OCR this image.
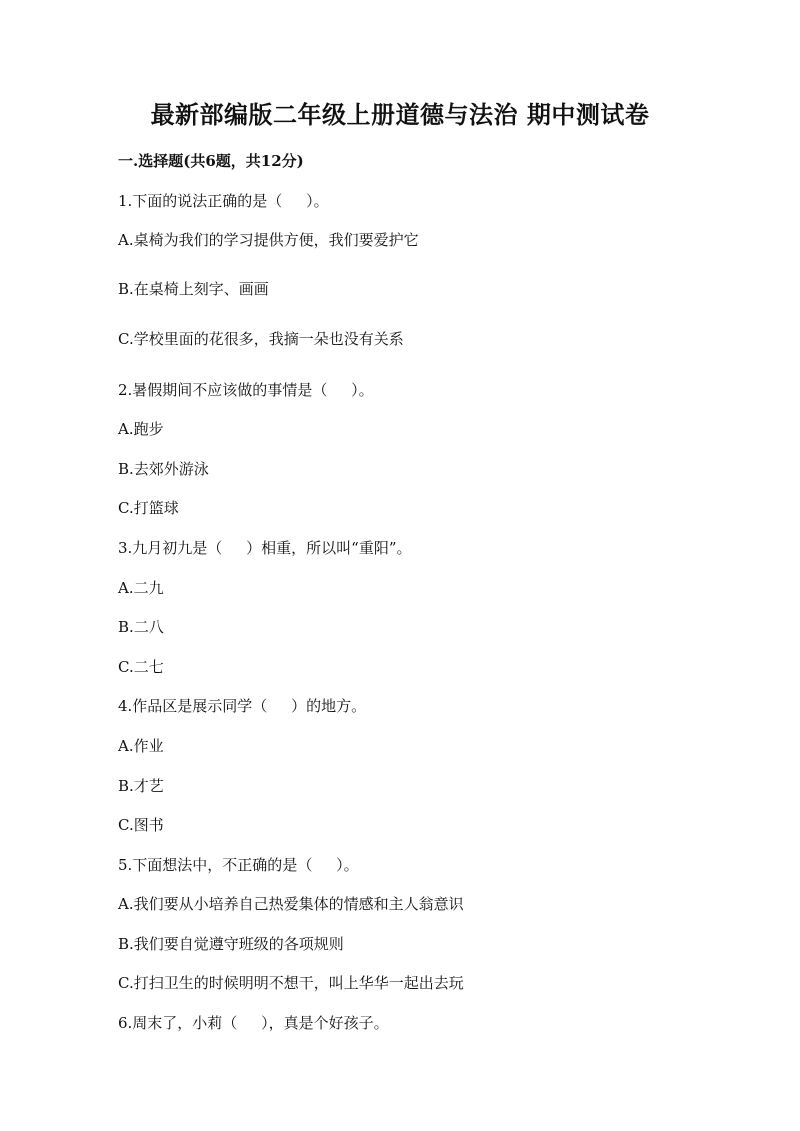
最新部编版二年级上册道德与法治 期中测试卷
一.选择题(共6题，共12分)
1.下面的说法正确的是（     ）。
A.桌椅为我们的学习提供方便，我们要爱护它
B.在桌椅上刻字、画画
C.学校里面的花很多，我摘一朵也没有关系
2.暑假期间不应该做的事情是（     ）。
A.跑步
B.去郊外游泳
C.打篮球
3.九月初九是（     ）相重，所以叫“重阳”。
A.二九
B.二八
C.二七
4.作品区是展示同学（     ）的地方。
A.作业
B.才艺
C.图书
5.下面想法中，不正确的是（     ）。
A.我们要从小培养自己热爱集体的情感和主人翁意识
B.我们要自觉遵守班级的各项规则
C.打扫卫生的时候明明不想干，叫上华华一起出去玩
6.周末了，小莉（     ），真是个好孩子。
